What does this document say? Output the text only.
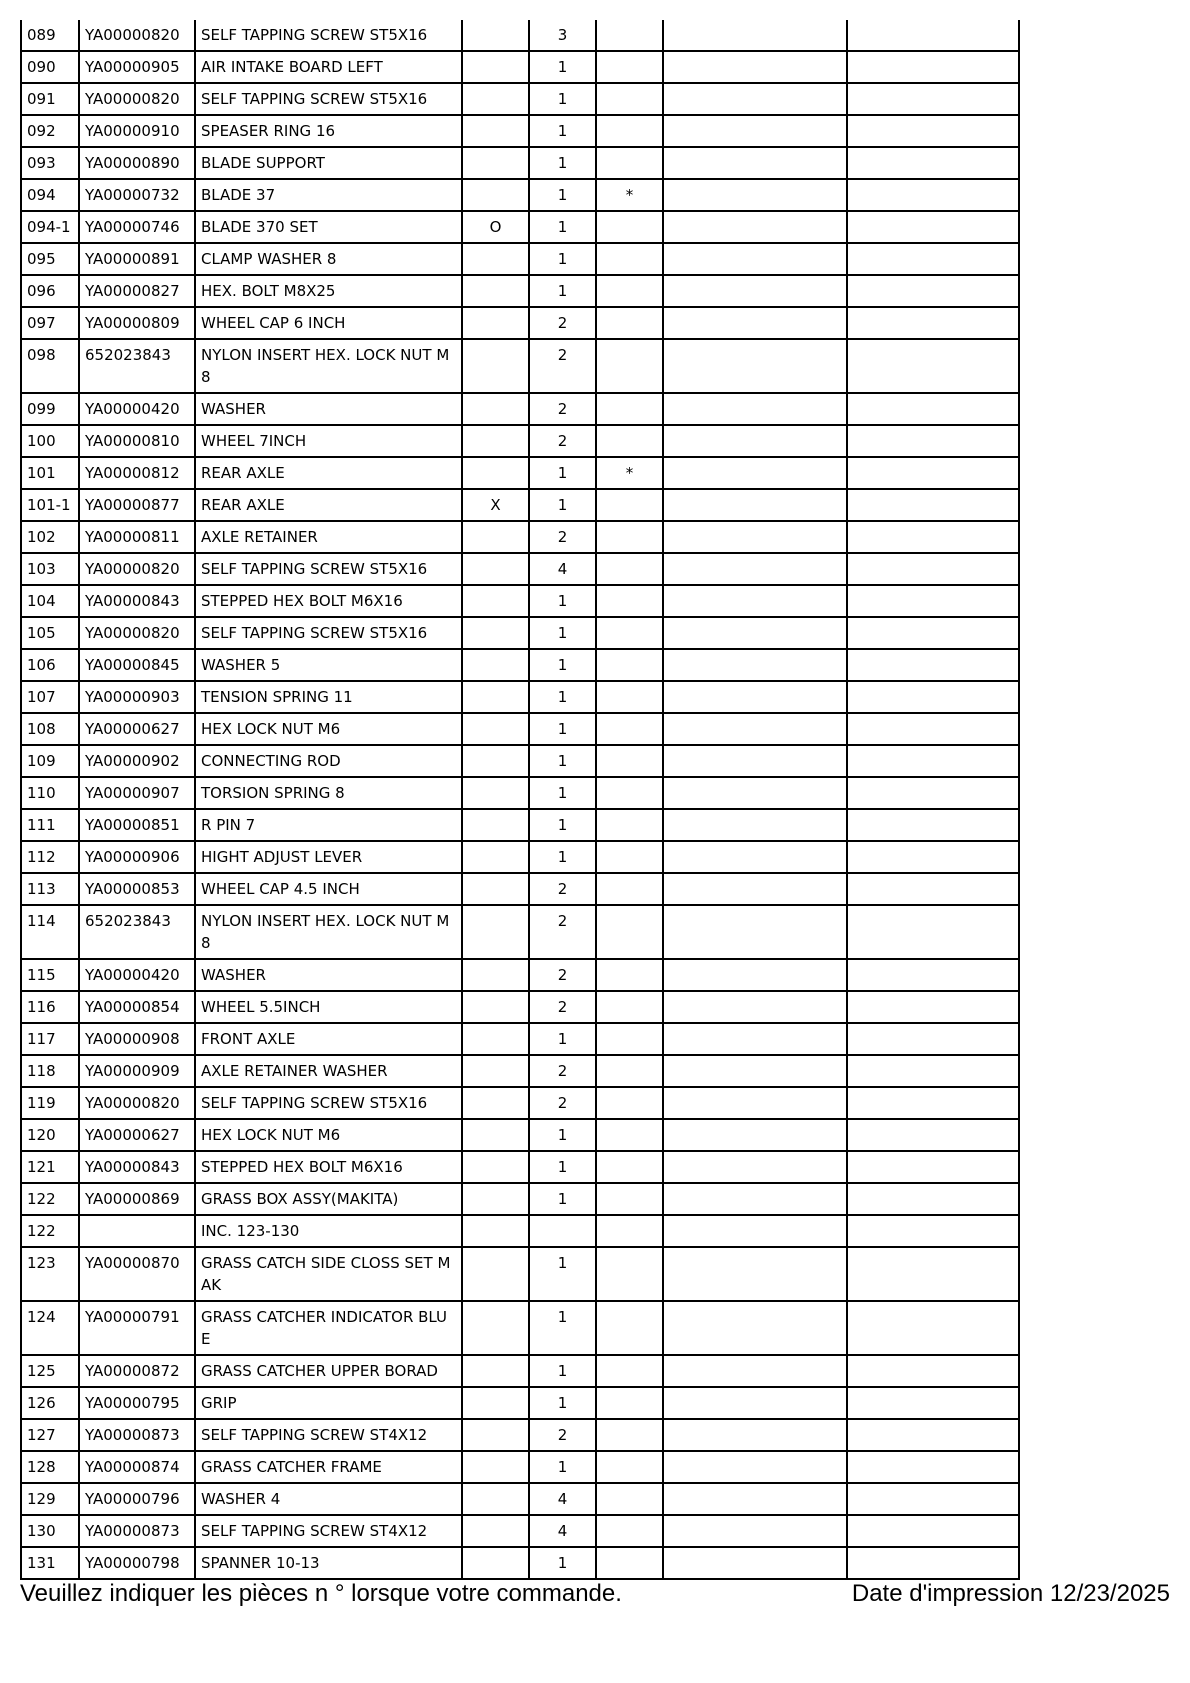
089	YA00000820	SELF TAPPING SCREW ST5X16		3			
090	YA00000905	AIR INTAKE BOARD LEFT		1			
091	YA00000820	SELF TAPPING SCREW ST5X16		1			
092	YA00000910	SPEASER RING 16		1			
093	YA00000890	BLADE SUPPORT		1			
094	YA00000732	BLADE 37		1	*		
094-1	YA00000746	BLADE 370 SET	O	1			
095	YA00000891	CLAMP WASHER 8		1			
096	YA00000827	HEX. BOLT M8X25		1			
097	YA00000809	WHEEL CAP 6 INCH		2			
098	652023843	NYLON INSERT HEX. LOCK NUT M8		2			
099	YA00000420	WASHER		2			
100	YA00000810	WHEEL 7INCH		2			
101	YA00000812	REAR AXLE		1	*		
101-1	YA00000877	REAR AXLE	X	1			
102	YA00000811	AXLE RETAINER		2			
103	YA00000820	SELF TAPPING SCREW ST5X16		4			
104	YA00000843	STEPPED HEX BOLT M6X16		1			
105	YA00000820	SELF TAPPING SCREW ST5X16		1			
106	YA00000845	WASHER 5		1			
107	YA00000903	TENSION SPRING 11		1			
108	YA00000627	HEX LOCK NUT M6		1			
109	YA00000902	CONNECTING ROD		1			
110	YA00000907	TORSION SPRING 8		1			
111	YA00000851	R PIN 7		1			
112	YA00000906	HIGHT ADJUST LEVER		1			
113	YA00000853	WHEEL CAP 4.5 INCH		2			
114	652023843	NYLON INSERT HEX. LOCK NUT M8		2			
115	YA00000420	WASHER		2			
116	YA00000854	WHEEL 5.5INCH		2			
117	YA00000908	FRONT AXLE		1			
118	YA00000909	AXLE RETAINER WASHER		2			
119	YA00000820	SELF TAPPING SCREW ST5X16		2			
120	YA00000627	HEX LOCK NUT M6		1			
121	YA00000843	STEPPED HEX BOLT M6X16		1			
122	YA00000869	GRASS BOX ASSY(MAKITA)		1			
122		INC. 123-130					
123	YA00000870	GRASS CATCH SIDE CLOSS SET MAK		1			
124	YA00000791	GRASS CATCHER INDICATOR BLUE		1			
125	YA00000872	GRASS CATCHER UPPER BORAD		1			
126	YA00000795	GRIP		1			
127	YA00000873	SELF TAPPING SCREW ST4X12		2			
128	YA00000874	GRASS CATCHER FRAME		1			
129	YA00000796	WASHER 4		4			
130	YA00000873	SELF TAPPING SCREW ST4X12		4			
131	YA00000798	SPANNER 10-13		1			
Veuillez indiquer les pièces n ° lorsque votre commande.	Date d'impression 12/23/2025
